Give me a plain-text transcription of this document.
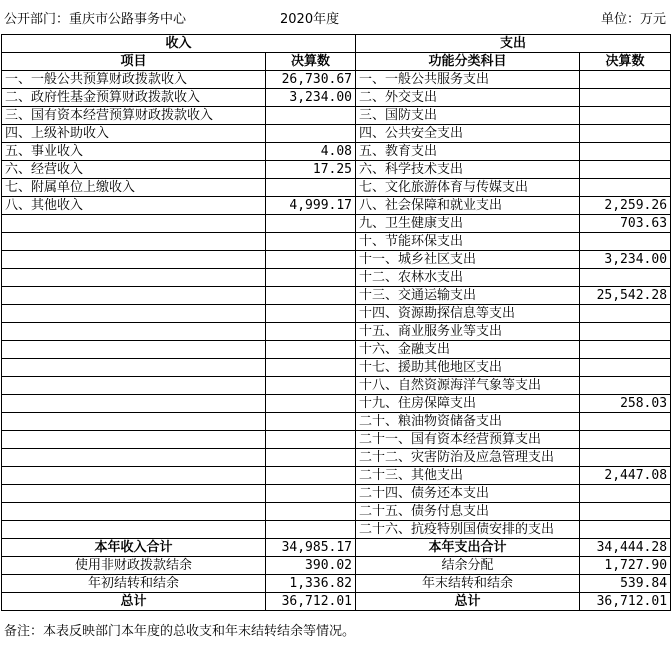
公开部门：重庆市公路事务中心	2020年度	单位：万元
收入		支出	
项目	决算数	功能分类科目	决算数
一、一般公共预算财政拨款收入	26,730.67	一、一般公共服务支出	
二、政府性基金预算财政拨款收入	3,234.00	二、外交支出	
三、国有资本经营预算财政拨款收入		三、国防支出	
四、上级补助收入		四、公共安全支出	
五、事业收入	4.08	五、教育支出	
六、经营收入	17.25	六、科学技术支出	
七、附属单位上缴收入		七、文化旅游体育与传媒支出	
八、其他收入	4,999.17	八、社会保障和就业支出	2,259.26
		九、卫生健康支出	703.63
		十、节能环保支出	
		十一、城乡社区支出	3,234.00
		十二、农林水支出	
		十三、交通运输支出	25,542.28
		十四、资源勘探信息等支出	
		十五、商业服务业等支出	
		十六、金融支出	
		十七、援助其他地区支出	
		十八、自然资源海洋气象等支出	
		十九、住房保障支出	258.03
		二十、粮油物资储备支出	
		二十一、国有资本经营预算支出	
		二十二、灾害防治及应急管理支出	
		二十三、其他支出	2,447.08
		二十四、债务还本支出	
		二十五、债务付息支出	
		二十六、抗疫特别国债安排的支出	
本年收入合计	34,985.17	本年支出合计	34,444.28
使用非财政拨款结余	390.02	结余分配	1,727.90
年初结转和结余	1,336.82	年末结转和结余	539.84
总计	36,712.01	总计	36,712.01
备注：本表反映部门本年度的总收支和年末结转结余等情况。
